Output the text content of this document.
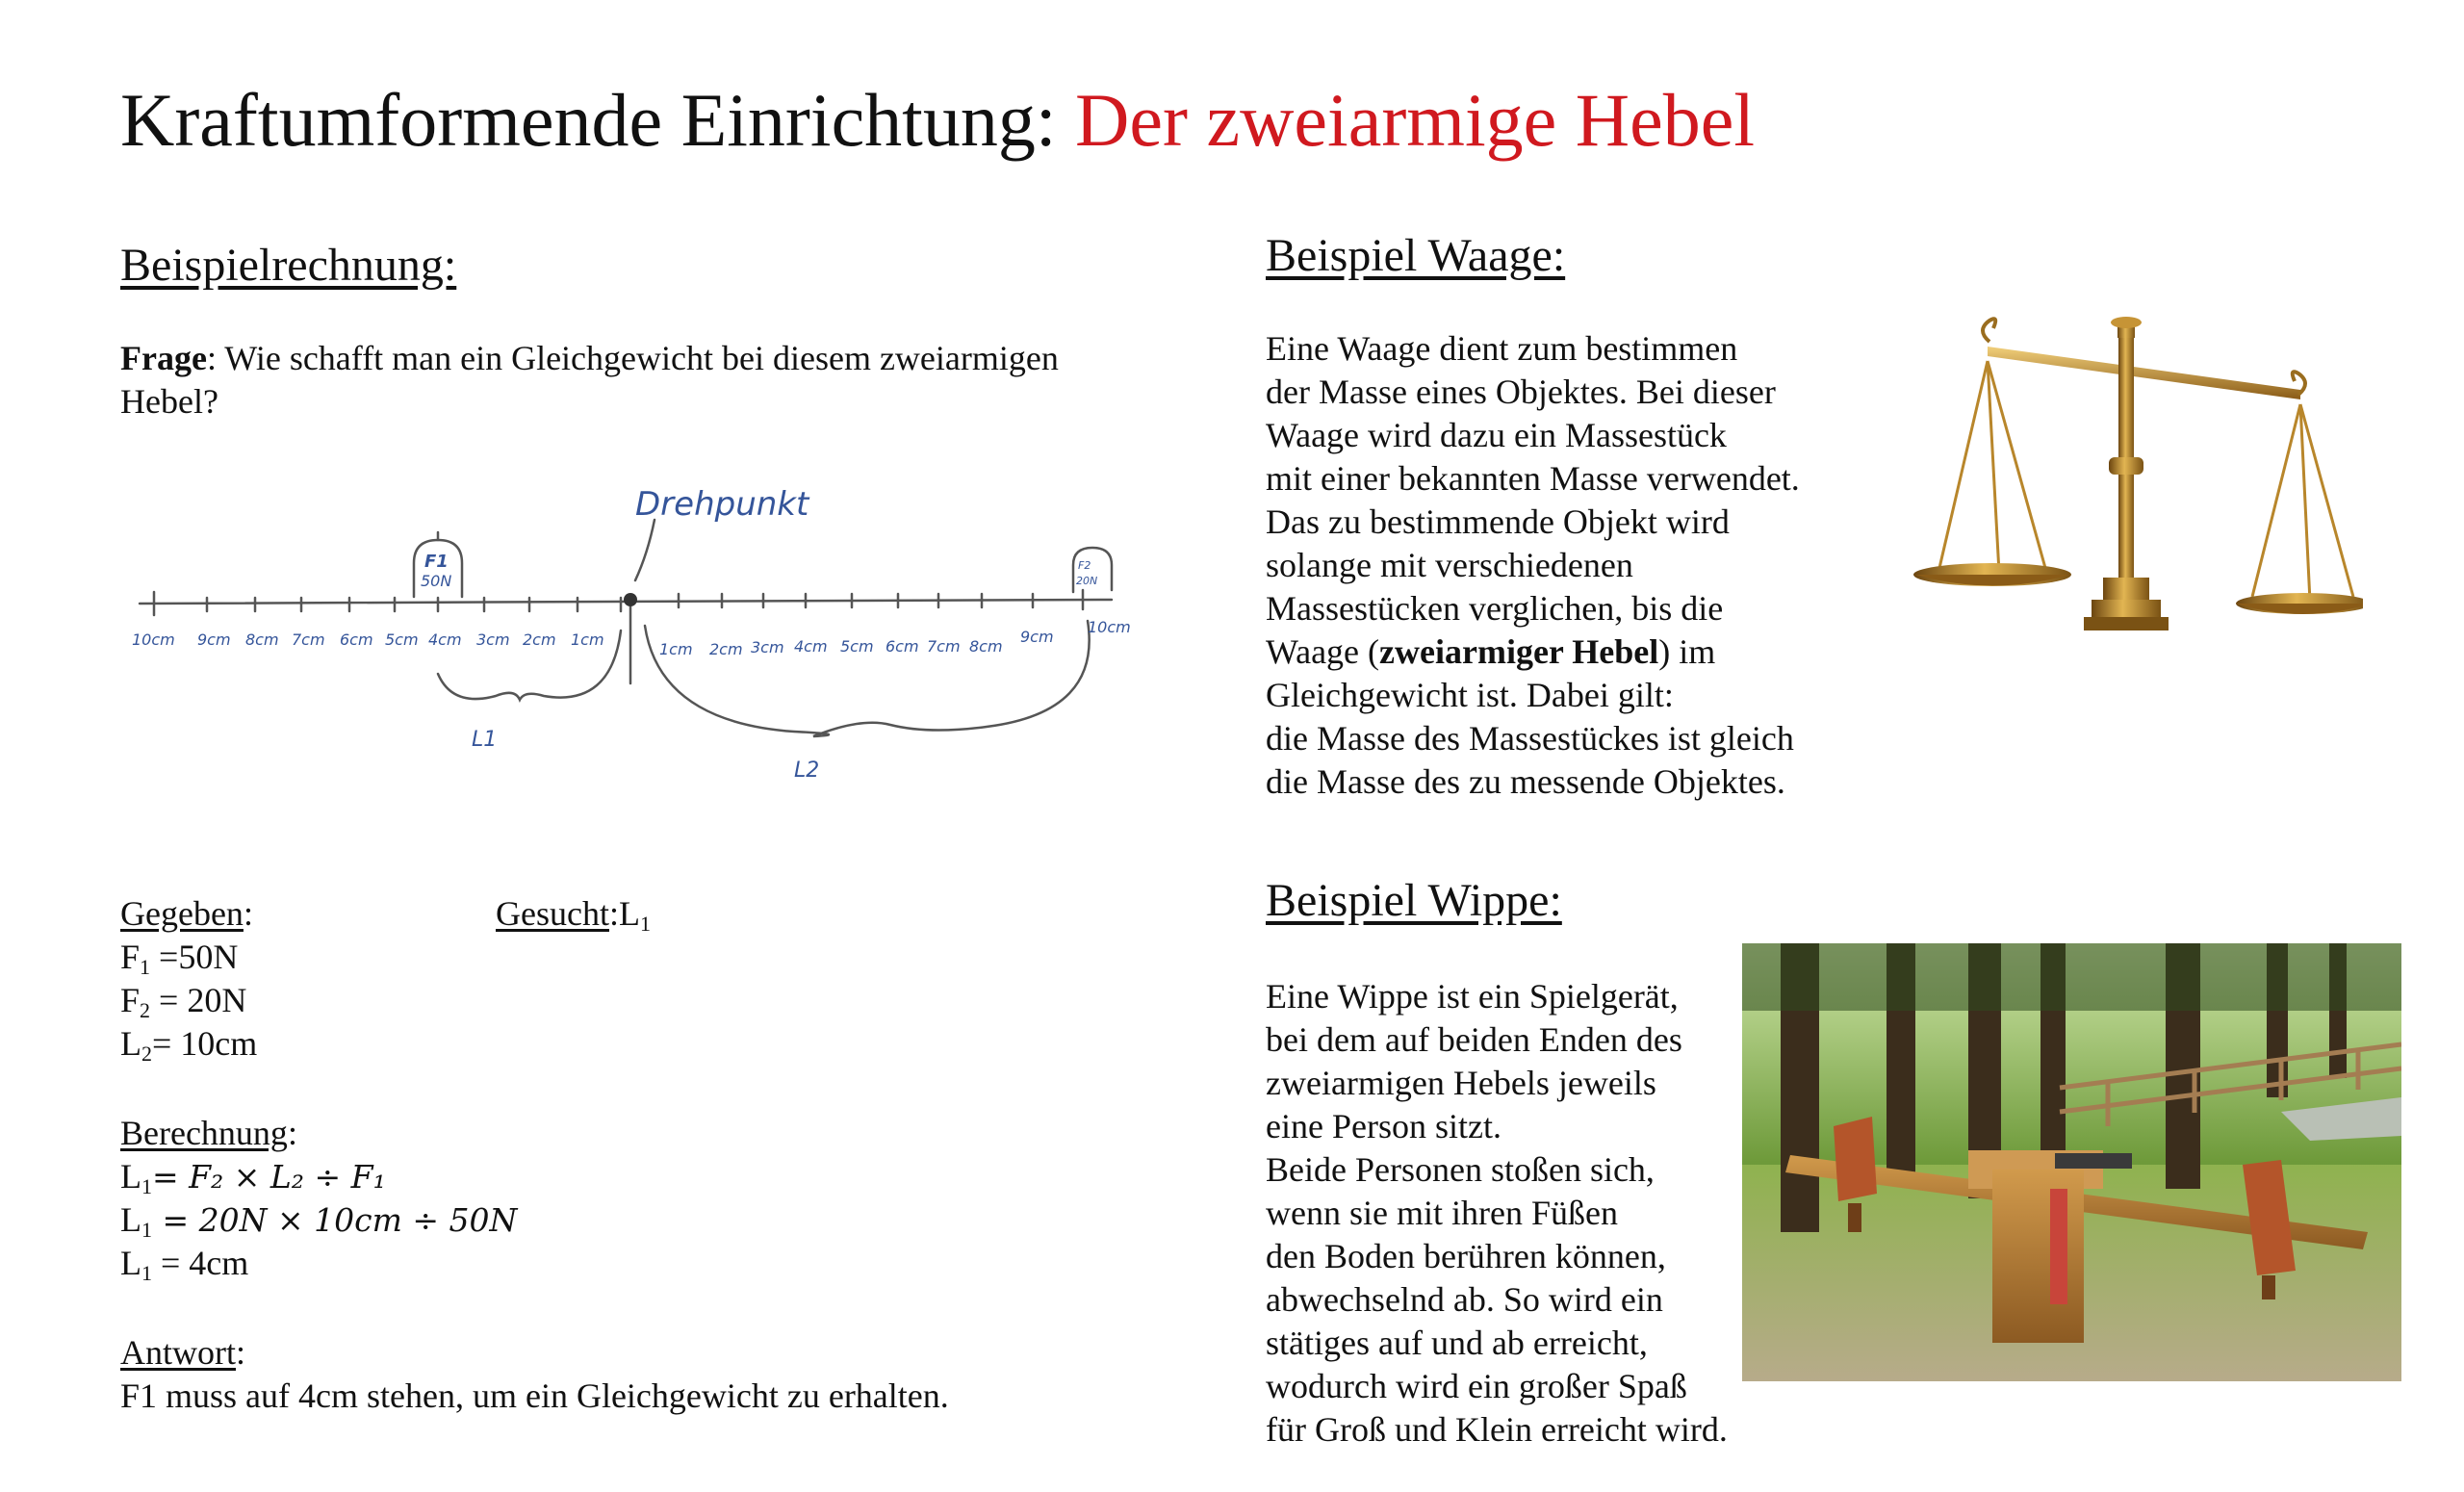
Kraftumformende Einrichtung: Der zweiarmige Hebel
Beispielrechnung:
Frage: Wie schafft man ein Gleichgewicht bei diesem zweiarmigen
Hebel?
Drehpunkt
F1
50N
F2
20N
10cm 9cm 8cm 7cm 6cm 5cm 4cm 3cm 2cm 1cm
1cm 2cm 3cm 4cm 5cm 6cm 7cm 8cm
9cm
10cm
L1
L2
Gegeben:
$F_1 =50N$
$F_2 = 20N$
$L_2= 10cm$
$Gesucht:L_1$
Berechnung:
$L_1= F_2 \times L_2 \div F_1$
$L_1 = 20N \times 10cm \div 50N$
$L_1 = 4cm$
Antwort:
F1 muss auf 4cm stehen, um ein Gleichgewicht zu erhalten.
Beispiel Waage:
Eine Waage dient zum bestimmen
der Masse eines Objektes. Bei dieser
Waage wird dazu ein Massestück
mit einer bekannten Masse verwendet.
Das zu bestimmende Objekt wird
solange mit verschiedenen
Massestücken verglichen, bis die
Waage (zweiarmiger Hebel) im
Gleichgewicht ist. Dabei gilt:
die Masse des Massestückes ist gleich
die Masse des zu messende Objektes.
Beispiel Wippe:
Eine Wippe ist ein Spielgerät,
bei dem auf beiden Enden des
zweiarmigen Hebels jeweils
eine Person sitzt.
Beide Personen stoßen sich,
wenn sie mit ihren Füßen
den Boden berühren können,
abwechselnd ab. So wird ein
stätiges auf und ab erreicht,
wodurch wird ein großer Spaß
für Groß und Klein erreicht wird.
